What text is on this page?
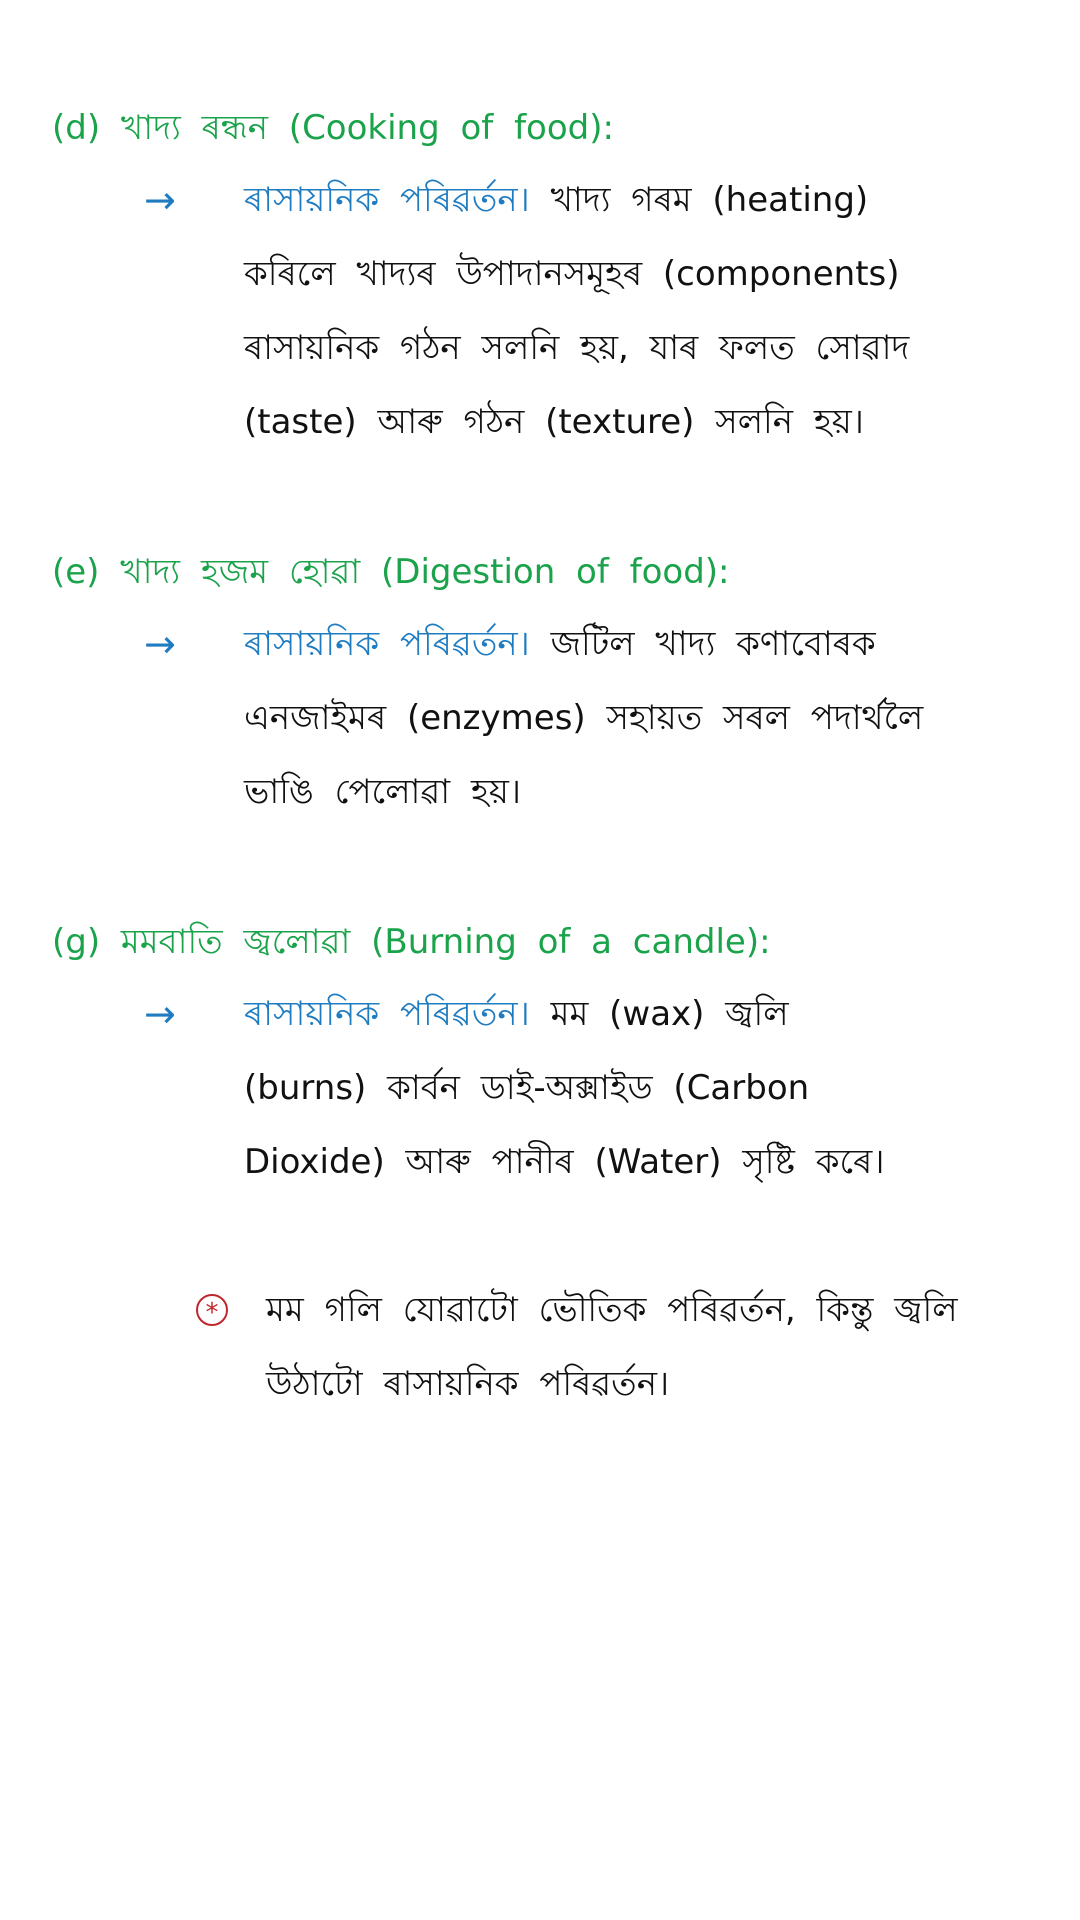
(d) খাদ্য ৰন্ধন (Cooking of food):
→ ৰাসায়নিক পৰিৱৰ্তন। খাদ্য গৰম (heating)
কৰিলে খাদ্যৰ উপাদানসমূহৰ (components)
ৰাসায়নিক গঠন সলনি হয়, যাৰ ফলত সোৱাদ
(taste) আৰু গঠন (texture) সলনি হয়।
(e) খাদ্য হজম হোৱা (Digestion of food):
→ ৰাসায়নিক পৰিৱৰ্তন। জটিল খাদ্য কণাবোৰক
এনজাইমৰ (enzymes) সহায়ত সৰল পদাৰ্থলৈ
ভাঙি পেলোৱা হয়।
(g) মমবাতি জ্বলোৱা (Burning of a candle):
→ ৰাসায়নিক পৰিৱৰ্তন। মম (wax) জ্বলি
(burns) কাৰ্বন ডাই-অক্সাইড (Carbon
Dioxide) আৰু পানীৰ (Water) সৃষ্টি কৰে।
* মম গলি যোৱাটো ভৌতিক পৰিৱৰ্তন, কিন্তু জ্বলি
উঠাটো ৰাসায়নিক পৰিৱৰ্তন।
